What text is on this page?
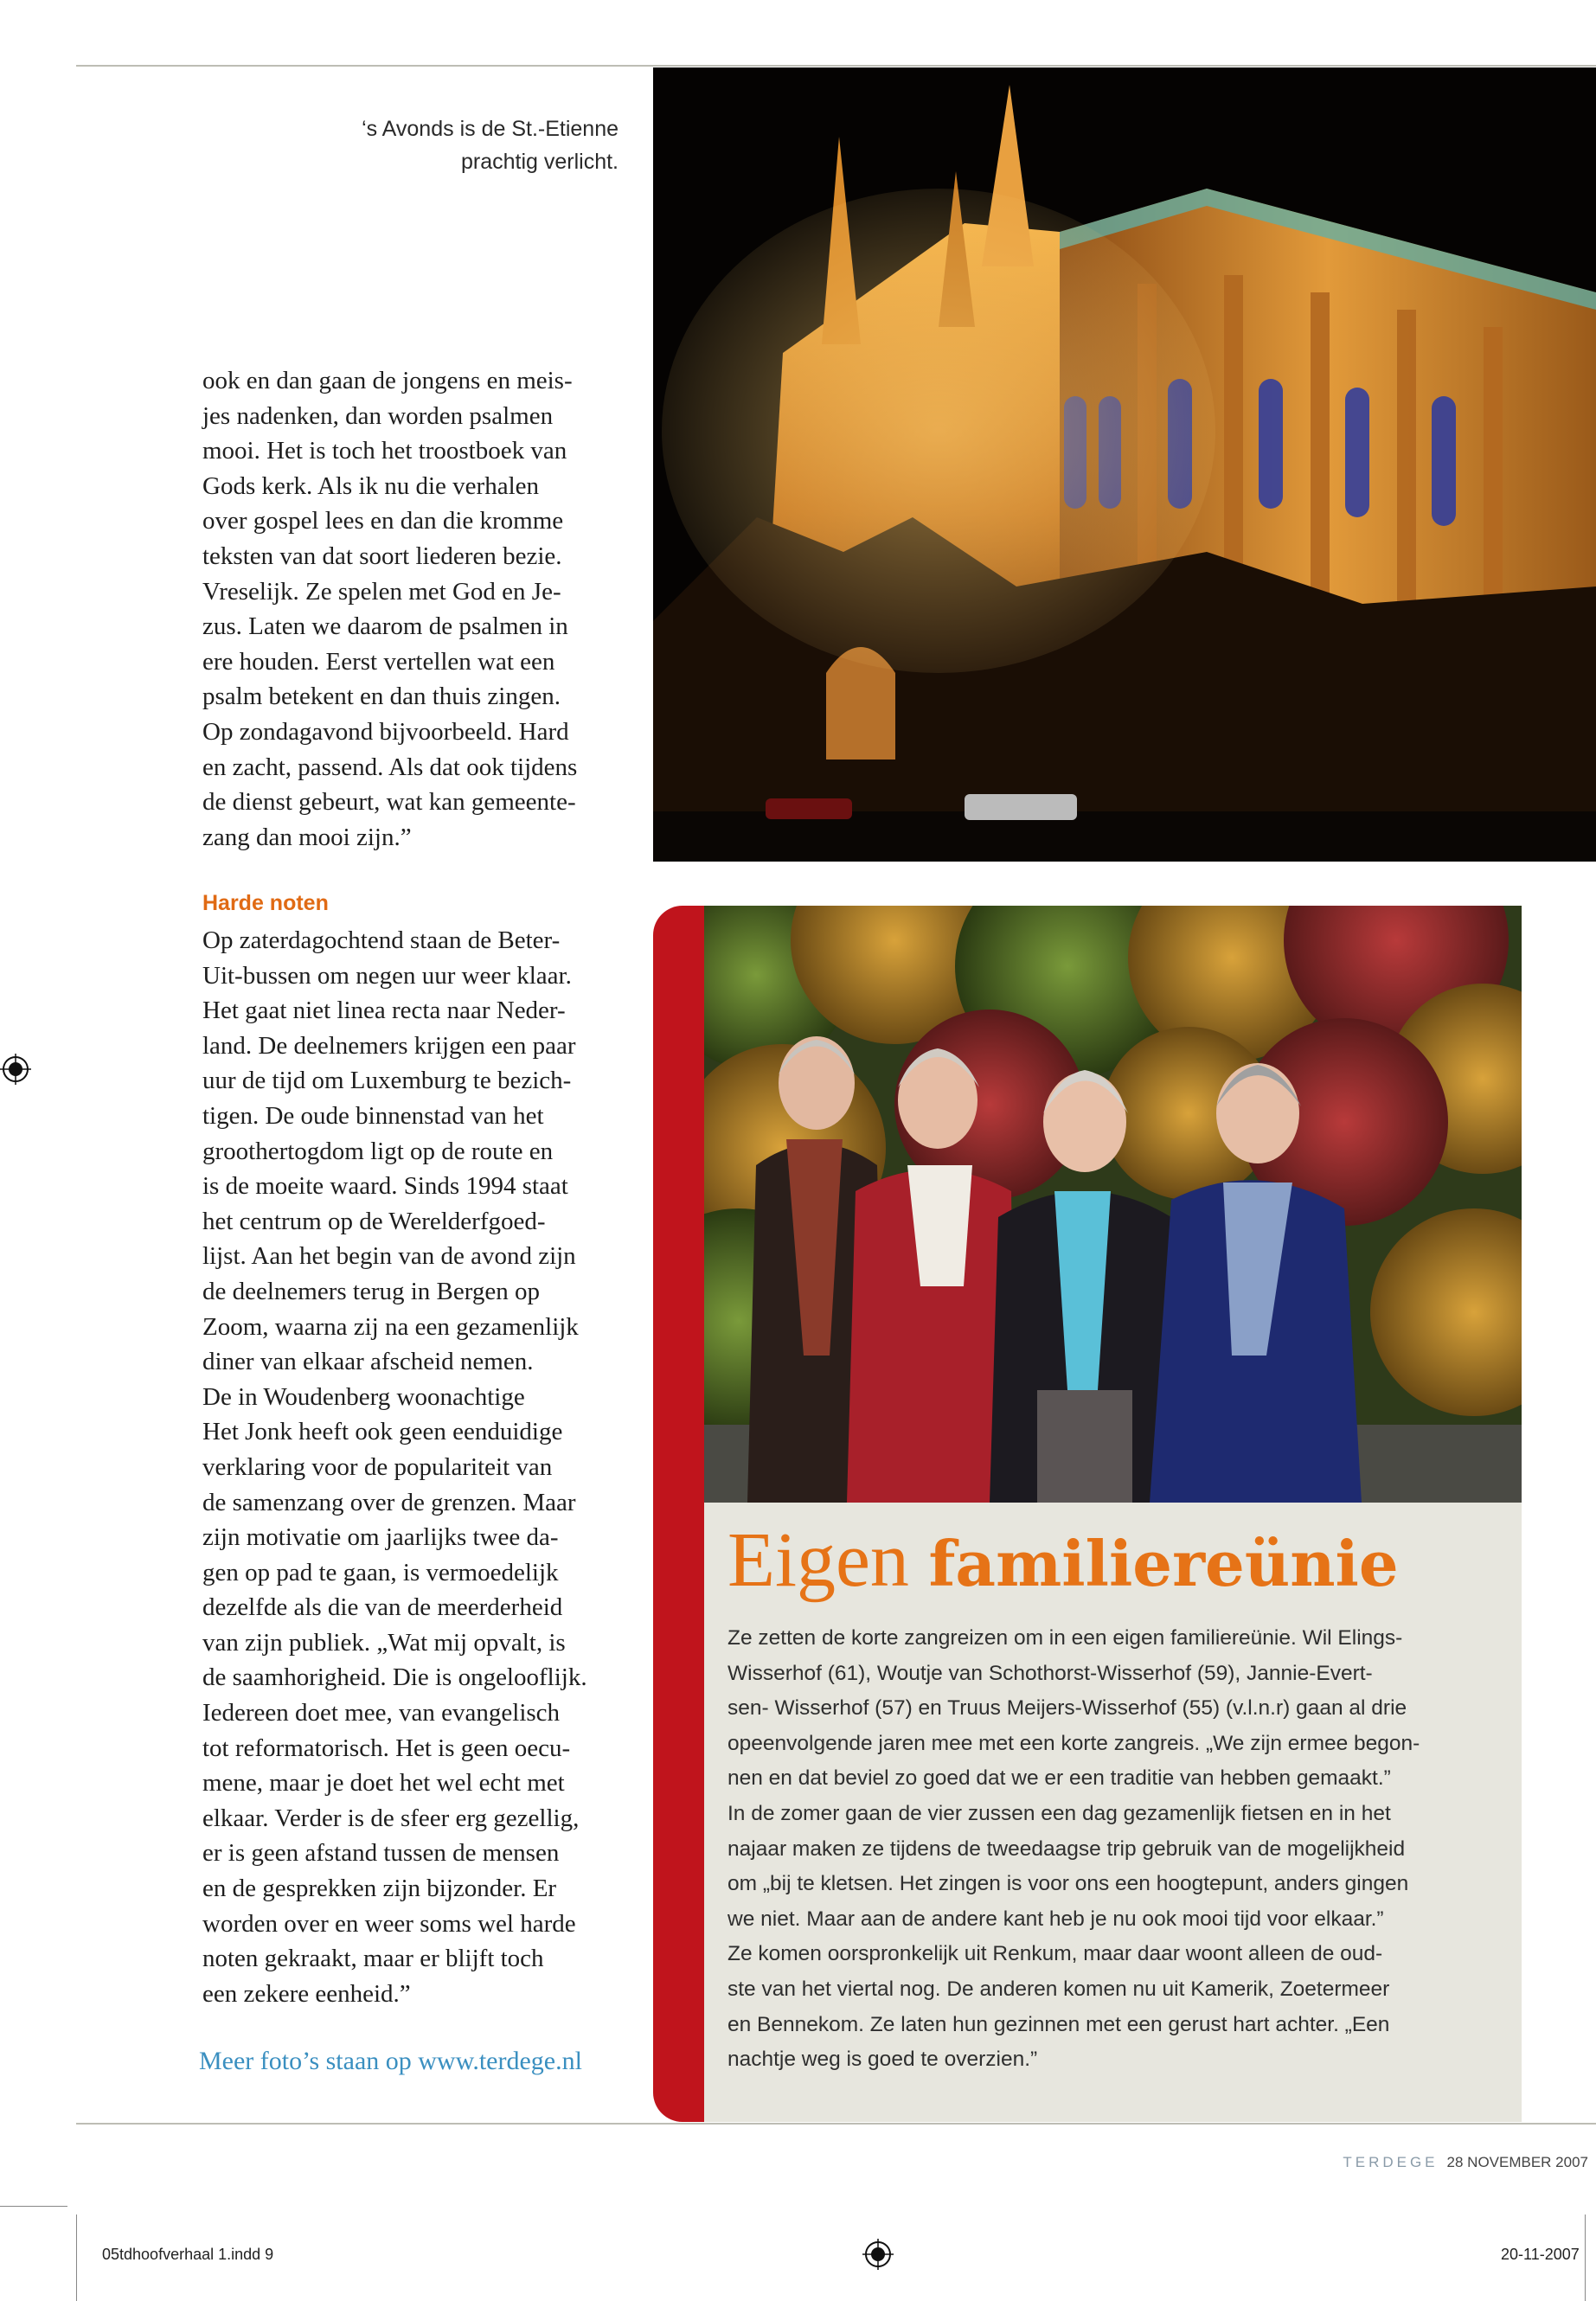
‘s Avonds is de St.-Etienne
prachtig verlicht.

ook en dan gaan de jongens en meis-

jes nadenken, dan worden psalmen

mooi. Het is toch het troostboek van

Gods kerk. Als ik nu die verhalen

over gospel lees en dan die kromme

teksten van dat soort liederen bezie.

Vreselijk. Ze spelen met God en Je-

zus. Laten we daarom de psalmen in

ere houden. Eerst vertellen wat een

psalm betekent en dan thuis zingen.

Op zondagavond bijvoorbeeld. Hard

en zacht, passend. Als dat ook tijdens

de dienst gebeurt, wat kan gemeente-

zang dan mooi zijn.”

Harde noten

Op zaterdagochtend staan de Beter-

Uit-bussen om negen uur weer klaar.

Het gaat niet linea recta naar Neder-

land. De deelnemers krijgen een paar

uur de tijd om Luxemburg te bezich-

tigen. De oude binnenstad van het

groothertogdom ligt op de route en

is de moeite waard. Sinds 1994 staat

het centrum op de Werelderfgoed-

lijst. Aan het begin van de avond zijn

de deelnemers terug in Bergen op

Zoom, waarna zij na een gezamenlijk

diner van elkaar afscheid nemen.

De in Woudenberg woonachtige

Het Jonk heeft ook geen eenduidige

verklaring voor de populariteit van

de samenzang over de grenzen. Maar

zijn motivatie om jaarlijks twee da-

gen op pad te gaan, is vermoedelijk

dezelfde als die van de meerderheid

van zijn publiek. „Wat mij opvalt, is

de saamhorigheid. Die is ongelooflijk.

Iedereen doet mee, van evangelisch

tot reformatorisch. Het is geen oecu-

mene, maar je doet het wel echt met

elkaar. Verder is de sfeer erg gezellig,

er is geen afstand tussen de mensen

en de gesprekken zijn bijzonder. Er

worden over en weer soms wel harde

noten gekraakt, maar er blijft toch

een zekere eenheid.”

Meer foto’s staan op www.terdege.nl
Eigen familiereünie

Ze zetten de korte zangreizen om in een eigen familiereünie. Wil Elings-

Wisserhof (61), Woutje van Schothorst-Wisserhof (59), Jannie-Evert-

sen- Wisserhof (57) en Truus Meijers-Wisserhof (55) (v.l.n.r) gaan al drie

opeenvolgende jaren mee met een korte zangreis. „We zijn ermee begon-

nen en dat beviel zo goed dat we er een traditie van hebben gemaakt.”

In de zomer gaan de vier zussen een dag gezamenlijk fietsen en in het

najaar maken ze tijdens de tweedaagse trip gebruik van de mogelijkheid

om „bij te kletsen. Het zingen is voor ons een hoogtepunt, anders gingen

we niet. Maar aan de andere kant heb je nu ook mooi tijd voor elkaar.”

Ze komen oorspronkelijk uit Renkum, maar daar woont alleen de oud-

ste van het viertal nog. De anderen komen nu uit Kamerik, Zoetermeer

en Bennekom. Ze laten hun gezinnen met een gerust hart achter. „Een

nachtje weg is goed te overzien.”

TERDEGE 28 NOVEMBER 2007
05tdhoofverhaal 1.indd 9	20-11-2007
